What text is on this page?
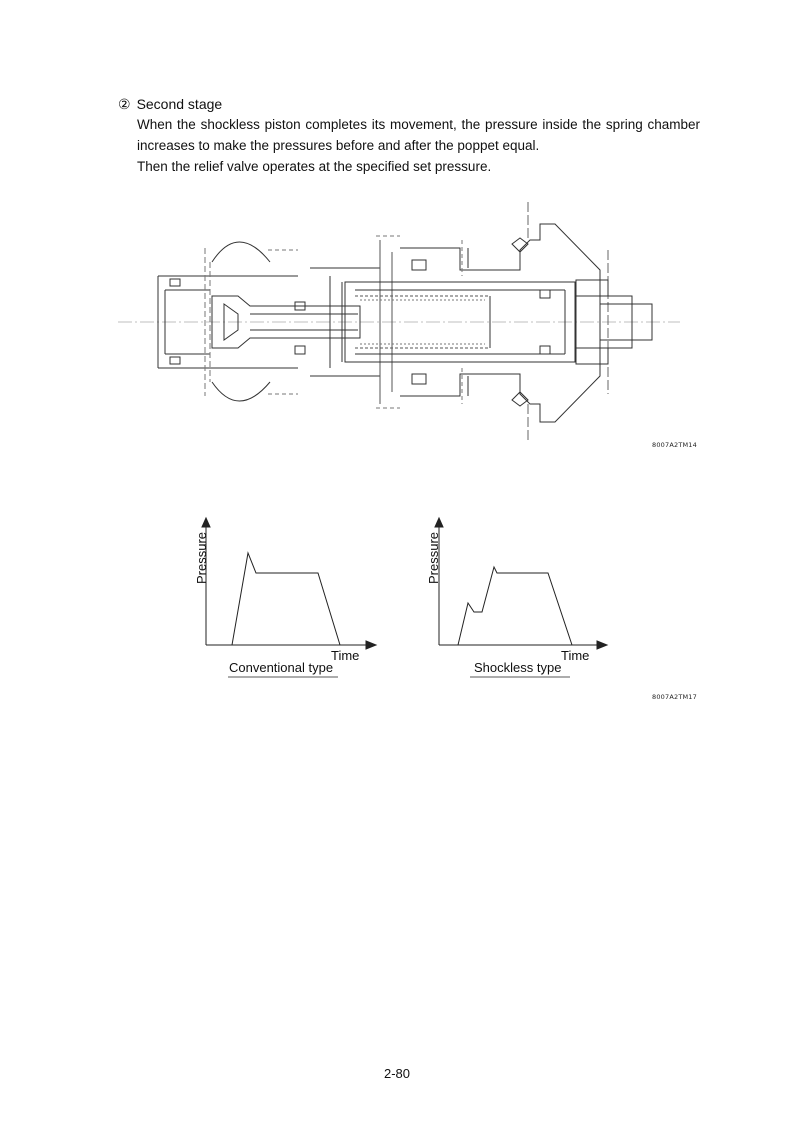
② Second stage

When the shockless piston completes its movement, the pressure inside the spring chamber increases to make the pressures before and after the poppet equal.

Then the relief valve operates at the specified set pressure.

8007A2TM14
Pressure
Time
Conventional type
Pressure
Time
Shockless type
8007A2TM17
2-80
